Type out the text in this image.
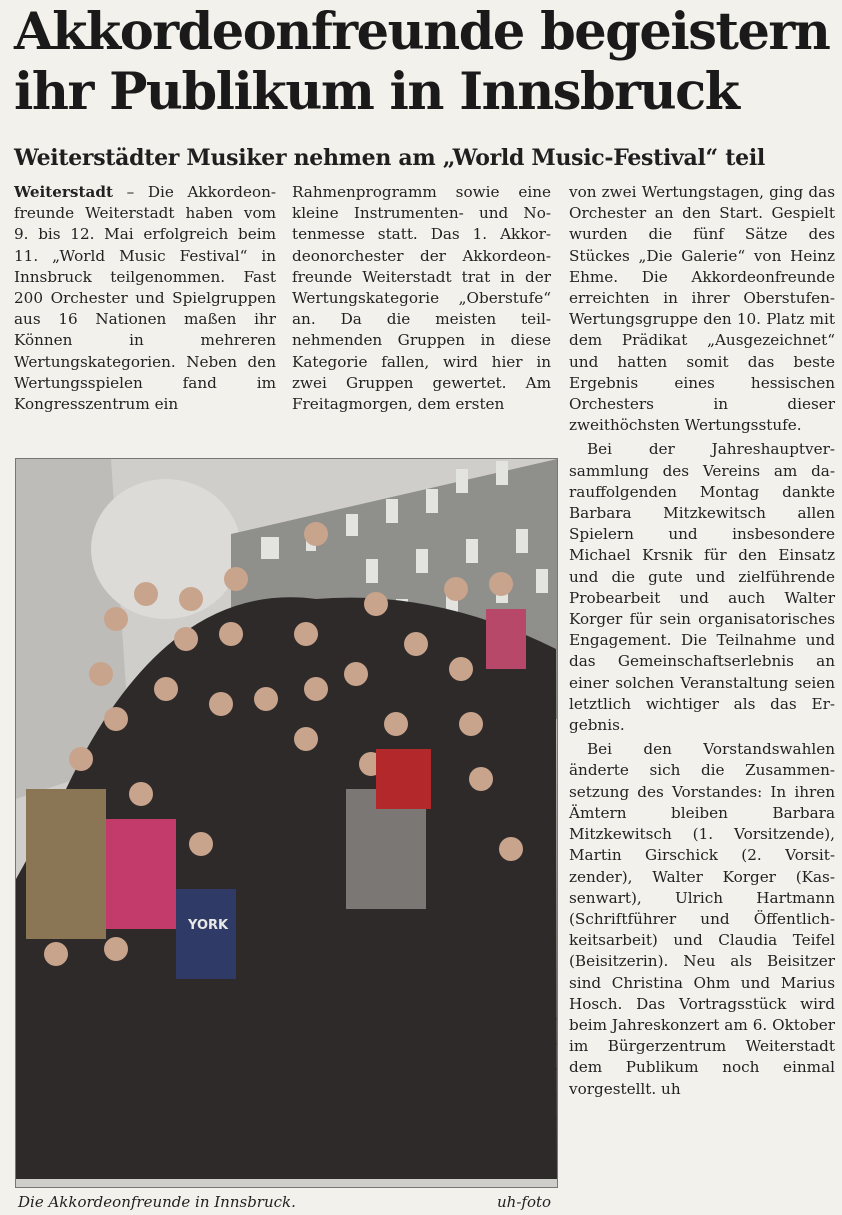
Akkordeonfreunde begeistern
ihr Publikum in Innsbruck
Weiterstädter Musiker nehmen am „World Music-Festival“ teil

Weiterstadt – Die Akkordeonfreunde Weiterstadt haben vom 9. bis 12. Mai erfolgreich beim 11. „World Music Festival“ in Innsbruck teilgenommen. Fast 200 Orchester und Spielgruppen aus 16 Nationen maßen ihr Können in mehreren Wertungskategorien. Neben den Wertungsspielen fand im Kongresszentrum ein

Rahmenprogramm sowie eine kleine Instrumenten- und Notenmesse statt. Das 1. Akkordeonorchester der Akkordeonfreunde Weiterstadt trat in der Wertungskategorie „Oberstufe“ an. Da die meisten teilnehmenden Gruppen in diese Kategorie fallen, wird hier in zwei Gruppen gewertet. Am Freitagmorgen, dem ersten

von zwei Wertungstagen, ging das Orchester an den Start. Gespielt wurden die fünf Sätze des Stückes „Die Galerie“ von Heinz Ehme. Die Akkordeonfreunde erreichten in ihrer Oberstufen-Wertungsgruppe den 10. Platz mit dem Prädikat „Ausgezeichnet“ und hatten somit das beste Ergebnis eines hessischen Orchesters in dieser zweithöchsten Wertungsstufe.

Bei der Jahreshauptversammlung des Vereins am darauffolgenden Montag dankte Barbara Mitzkewitsch allen Spielern und insbesondere Michael Krsnik für den Einsatz und die gute und zielführende Probearbeit und auch Walter Korger für sein organisatorisches Engagement. Die Teilnahme und das Gemeinschaftserlebnis an einer solchen Veranstaltung seien letztlich wichtiger als das Ergebnis.

Bei den Vorstandswahlen änderte sich die Zusammensetzung des Vorstandes: In ihren Ämtern bleiben Barbara Mitzkewitsch (1. Vorsitzende), Martin Girschick (2. Vorsitzender), Walter Korger (Kassenwart), Ulrich Hartmann (Schriftführer und Öffentlichkeitsarbeit) und Claudia Teifel (Beisitzerin). Neu als Beisitzer sind Christina Ohm und Marius Hosch. Das Vortragsstück wird beim Jahreskonzert am 6. Oktober im Bürgerzentrum Weiterstadt dem Publikum noch einmal vorgestellt. uh

YORK
Die Akkordeonfreunde in Innsbruck.	uh-foto
